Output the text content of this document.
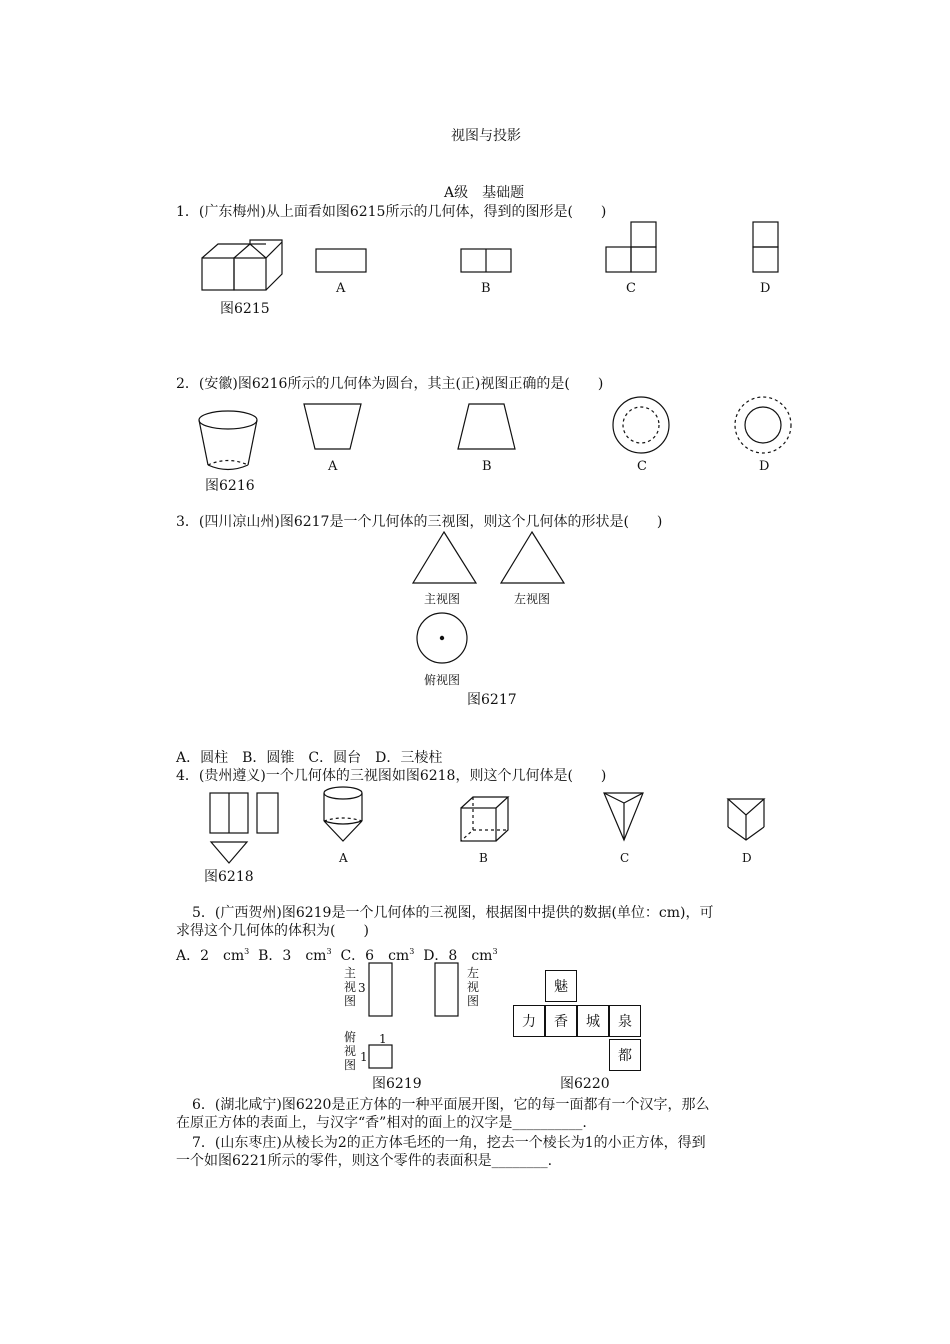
视图与投影
A级　基础题
1．(广东梅州)从上面看如图6215所示的几何体，得到的图形是(　　)
图6215
A	B	C	D
2．(安徽)图6216所示的几何体为圆台，其主(正)视图正确的是(　　)
图6216
A	B	C	D
3．(四川凉山州)图6217是一个几何体的三视图，则这个几何体的形状是(　　)
主视图	左视图
俯视图
图6217
A．圆柱　B．圆锥　C．圆台　D．三棱柱
4．(贵州遵义)一个几何体的三视图如图6218，则这个几何体是(　　)
图6218
A	B	C	D
5．(广西贺州)图6219是一个几何体的三视图，根据图中提供的数据(单位：cm)，可
求得这个几何体的体积为(　　)
A．2　$cm^3$ B．3　$cm^3$ C．6　$cm^3$ D．8　$cm^3$
主
视
图
3
左
视
图
俯
视
图
1
1
图6219
魅
力	香	城	泉
都
图6220
6．(湖北咸宁)图6220是正方体的一种平面展开图，它的每一面都有一个汉字，那么
在原正方体的表面上，与汉字“香”相对的面上的汉字是__________.
7．(山东枣庄)从棱长为2的正方体毛坯的一角，挖去一个棱长为1的小正方体，得到
一个如图6221所示的零件，则这个零件的表面积是________.
